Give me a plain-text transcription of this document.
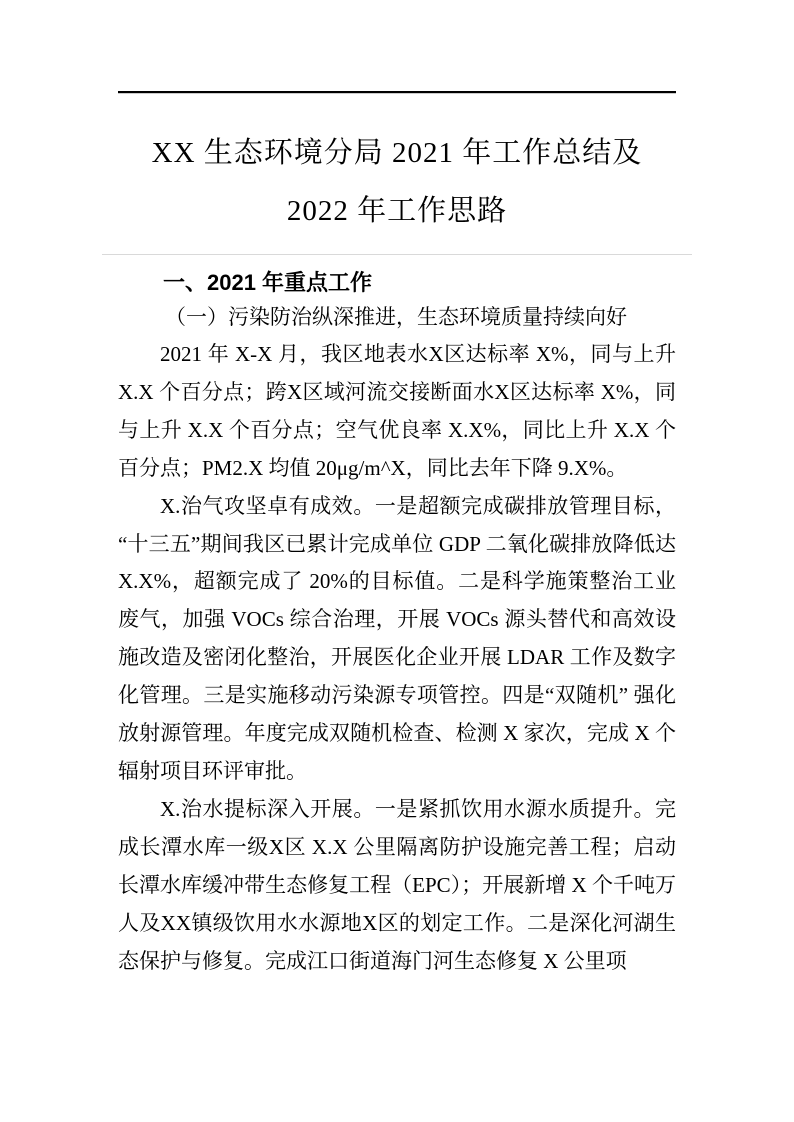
XX 生态环境分局 2021 年工作总结及
2022 年工作思路
一、2021 年重点工作
（一）污染防治纵深推进，生态环境质量持续向好

2021 年 X-X 月，我区地表水X区达标率 X%，同与上升 X.X 个百分点；跨X区域河流交接断面水X区达标率 X%，同与上升 X.X 个百分点；空气优良率 X.X%，同比上升 X.X 个百分点；PM2.X 均值 20μg/m^X，同比去年下降 9.X%。

X.治气攻坚卓有成效。一是超额完成碳排放管理目标，“十三五”期间我区已累计完成单位 GDP 二氧化碳排放降低达 X.X%，超额完成了 20%的目标值。二是科学施策整治工业废气，加强 VOCs 综合治理，开展 VOCs 源头替代和高效设施改造及密闭化整治，开展医化企业开展 LDAR 工作及数字化管理。三是实施移动污染源专项管控。四是“双随机” 强化放射源管理。年度完成双随机检查、检测 X 家次，完成 X 个辐射项目环评审批。

X.治水提标深入开展。一是紧抓饮用水源水质提升。完成长潭水库一级X区 X.X 公里隔离防护设施完善工程；启动长潭水库缓冲带生态修复工程（EPC）；开展新增 X 个千吨万人及XX镇级饮用水水源地X区的划定工作。二是深化河湖生态保护与修复。完成江口街道海门河生态修复 X 公里项
